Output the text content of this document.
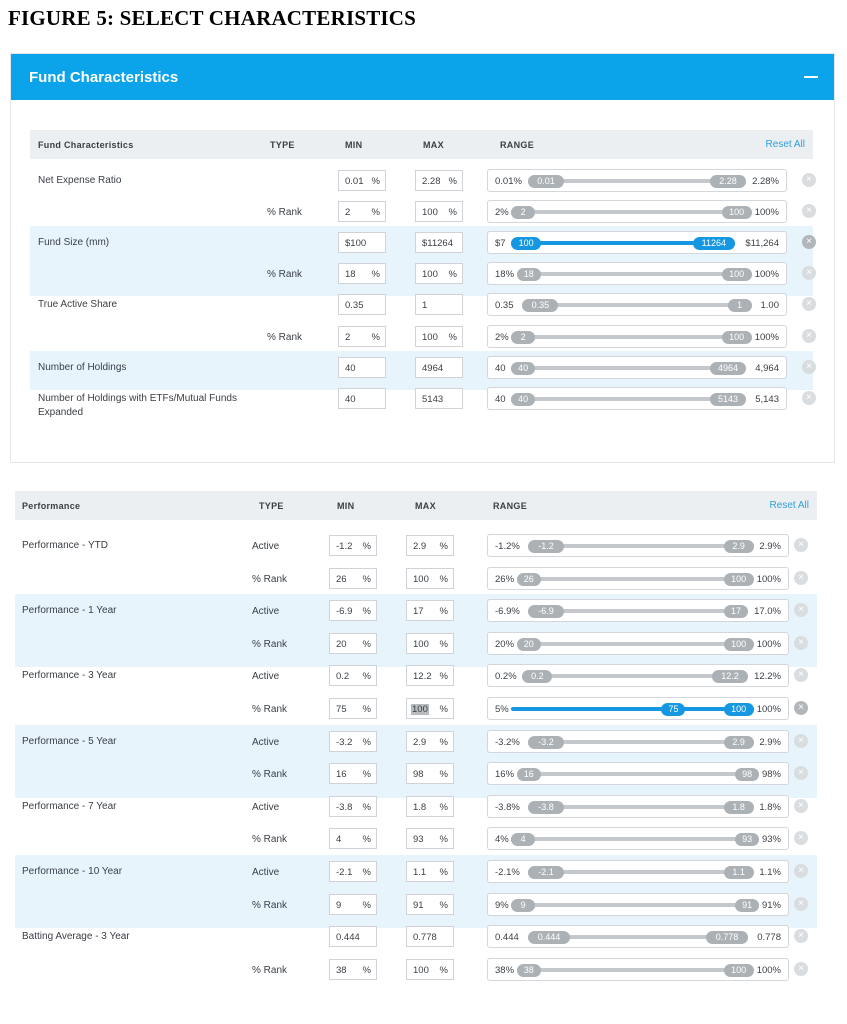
FIGURE 5: SELECT CHARACTERISTICS
Fund Characteristics
Fund Characteristics	TYPE	MIN	MAX	RANGE	Reset All
Net Expense Ratio	0.01 %	2.28 %	0.01%	2.28%
0.01	2.28	×
% Rank	2 %	100 %	2%	100%
2	100	×
Fund Size (mm)	$100	$11264	$7	$11,264
100	11264	×
% Rank	18 %	100 %	18%	100%
18	100	×
True Active Share	0.35	1	0.35	1.00
0.35	1	×
% Rank	2 %	100 %	2%	100%
2	100	×
Number of Holdings	40	4964	40	4,964
40	4964	×
Number of Holdings with ETFs/Mutual Funds
Expanded
40	5143	40	5,143
40	5143	×
Performance	TYPE	MIN	MAX	RANGE	Reset All
Performance - YTD	Active	-1.2 %	2.9 %	-1.2%	2.9%
-1.2	2.9	×
% Rank	26 %	100 %	26%	100%
26	100	×
Performance - 1 Year	Active	-6.9 %	17 %	-6.9%	17.0%
-6.9	17	×
% Rank	20 %	100 %	20%	100%
20	100	×
Performance - 3 Year	Active	0.2 %	12.2 %	0.2%	12.2%
0.2	12.2	×
% Rank	75 %	100 %	5%	100%
75	100	×
Performance - 5 Year	Active	-3.2 %	2.9 %	-3.2%	2.9%
-3.2	2.9	×
% Rank	16 %	98 %	16%	98%
16	98	×
Performance - 7 Year	Active	-3.8 %	1.8 %	-3.8%	1.8%
-3.8	1.8	×
% Rank	4 %	93 %	4%	93%
4	93	×
Performance - 10 Year	Active	-2.1 %	1.1 %	-2.1%	1.1%
-2.1	1.1	×
% Rank	9 %	91 %	9%	91%
9	91	×
Batting Average - 3 Year	0.444	0.778	0.444	0.778
0.444	0.778	×
% Rank	38 %	100 %	38%	100%
38	100	×
